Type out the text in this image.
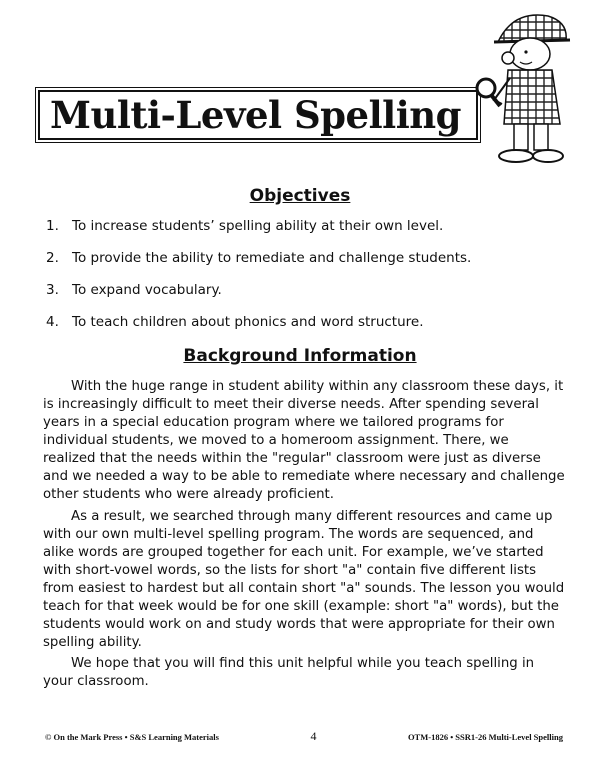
Multi-Level Spelling
Objectives
1. To increase students’ spelling ability at their own level.
2. To provide the ability to remediate and challenge students.
3. To expand vocabulary.
4. To teach children about phonics and word structure.
Background Information

With the huge range in student ability within any classroom these days, it is increasingly difficult to meet their diverse needs. After spending several years in a special education program where we tailored programs for individual students, we moved to a homeroom assignment. There, we realized that the needs within the "regular" classroom were just as diverse and we needed a way to be able to remediate where necessary and challenge other students who were already proficient.

As a result, we searched through many different resources and came up with our own multi-level spelling program. The words are sequenced, and alike words are grouped together for each unit. For example, we’ve started with short-vowel words, so the lists for short "a" contain five different lists from easiest to hardest but all contain short "a" sounds. The lesson you would teach for that week would be for one skill (example: short "a" words), but the students would work on and study words that were appropriate for their own spelling ability.

We hope that you will find this unit helpful while you teach spelling in your classroom.

© On the Mark Press • S&S Learning Materials	4	OTM-1826 • SSR1-26 Multi-Level Spelling
